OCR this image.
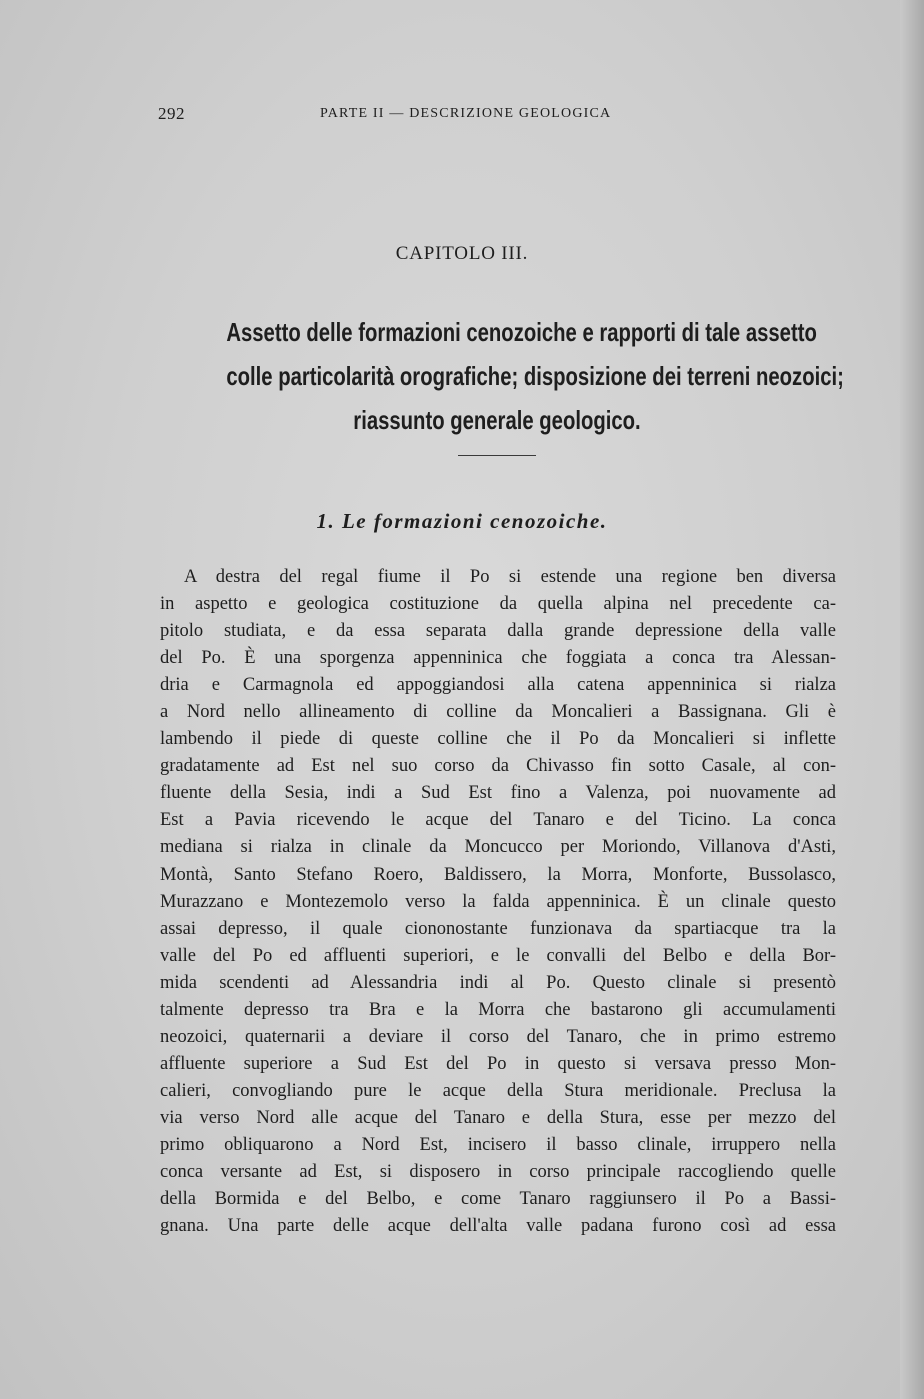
292	PARTE II — DESCRIZIONE GEOLOGICA
CAPITOLO III.
Assetto delle formazioni cenozoiche e rapporti di tale assetto
colle particolarità orografiche; disposizione dei terreni neozoici;
riassunto generale geologico.
1. Le formazioni cenozoiche.
A destra del regal fiume il Po si estende una regione ben diversa
in aspetto e geologica costituzione da quella alpina nel precedente ca-
pitolo studiata, e da essa separata dalla grande depressione della valle
del Po. È una sporgenza appenninica che foggiata a conca tra Alessan-
dria e Carmagnola ed appoggiandosi alla catena appenninica si rialza
a Nord nello allineamento di colline da Moncalieri a Bassignana. Gli è
lambendo il piede di queste colline che il Po da Moncalieri si inflette
gradatamente ad Est nel suo corso da Chivasso fin sotto Casale, al con-
fluente della Sesia, indi a Sud Est fino a Valenza, poi nuovamente ad
Est a Pavia ricevendo le acque del Tanaro e del Ticino. La conca
mediana si rialza in clinale da Moncucco per Moriondo, Villanova d'Asti,
Montà, Santo Stefano Roero, Baldissero, la Morra, Monforte, Bussolasco,
Murazzano e Montezemolo verso la falda appenninica. È un clinale questo
assai depresso, il quale ciononostante funzionava da spartiacque tra la
valle del Po ed affluenti superiori, e le convalli del Belbo e della Bor-
mida scendenti ad Alessandria indi al Po. Questo clinale si presentò
talmente depresso tra Bra e la Morra che bastarono gli accumulamenti
neozoici, quaternarii a deviare il corso del Tanaro, che in primo estremo
affluente superiore a Sud Est del Po in questo si versava presso Mon-
calieri, convogliando pure le acque della Stura meridionale. Preclusa la
via verso Nord alle acque del Tanaro e della Stura, esse per mezzo del
primo obliquarono a Nord Est, incisero il basso clinale, irruppero nella
conca versante ad Est, si disposero in corso principale raccogliendo quelle
della Bormida e del Belbo, e come Tanaro raggiunsero il Po a Bassi-
gnana. Una parte delle acque dell'alta valle padana furono così ad essa
